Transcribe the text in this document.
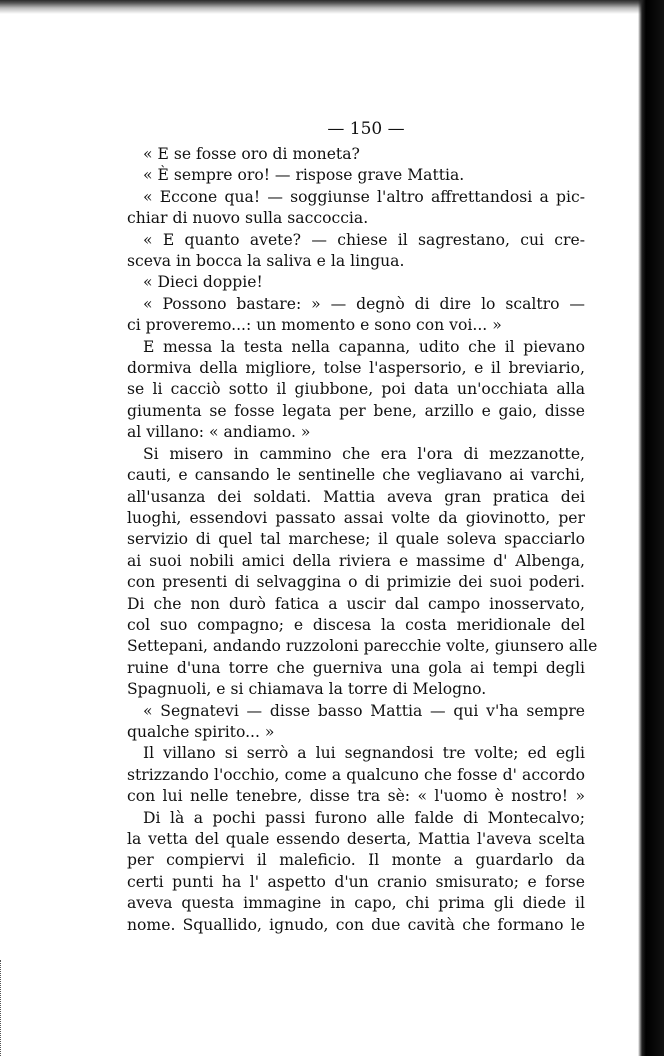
— 150 —
« E se fosse oro di moneta?
« È sempre oro! — rispose grave Mattia.
« Eccone qua! — soggiunse l'altro affrettandosi a pic-
chiar di nuovo sulla saccoccia.
« E quanto avete? — chiese il sagrestano, cui cre-
sceva in bocca la saliva e la lingua.
« Dieci doppie!
« Possono bastare: » — degnò di dire lo scaltro —
ci proveremo...: un momento e sono con voi... »
E messa la testa nella capanna, udito che il pievano
dormiva della migliore, tolse l'aspersorio, e il breviario,
se li cacciò sotto il giubbone, poi data un'occhiata alla
giumenta se fosse legata per bene, arzillo e gaio, disse
al villano: « andiamo. »
Si misero in cammino che era l'ora di mezzanotte,
cauti, e cansando le sentinelle che vegliavano ai varchi,
all'usanza dei soldati. Mattia aveva gran pratica dei
luoghi, essendovi passato assai volte da giovinotto, per
servizio di quel tal marchese; il quale soleva spacciarlo
ai suoi nobili amici della riviera e massime d' Albenga,
con presenti di selvaggina o di primizie dei suoi poderi.
Di che non durò fatica a uscir dal campo inosservato,
col suo compagno; e discesa la costa meridionale del
Settepani, andando ruzzoloni parecchie volte, giunsero alle
ruine d'una torre che guerniva una gola ai tempi degli
Spagnuoli, e si chiamava la torre di Melogno.
« Segnatevi — disse basso Mattia — qui v'ha sempre
qualche spirito... »
Il villano si serrò a lui segnandosi tre volte; ed egli
strizzando l'occhio, come a qualcuno che fosse d' accordo
con lui nelle tenebre, disse tra sè: « l'uomo è nostro! »
Di là a pochi passi furono alle falde di Montecalvo;
la vetta del quale essendo deserta, Mattia l'aveva scelta
per compiervi il maleficio. Il monte a guardarlo da
certi punti ha l' aspetto d'un cranio smisurato; e forse
aveva questa immagine in capo, chi prima gli diede il
nome. Squallido, ignudo, con due cavità che formano le
